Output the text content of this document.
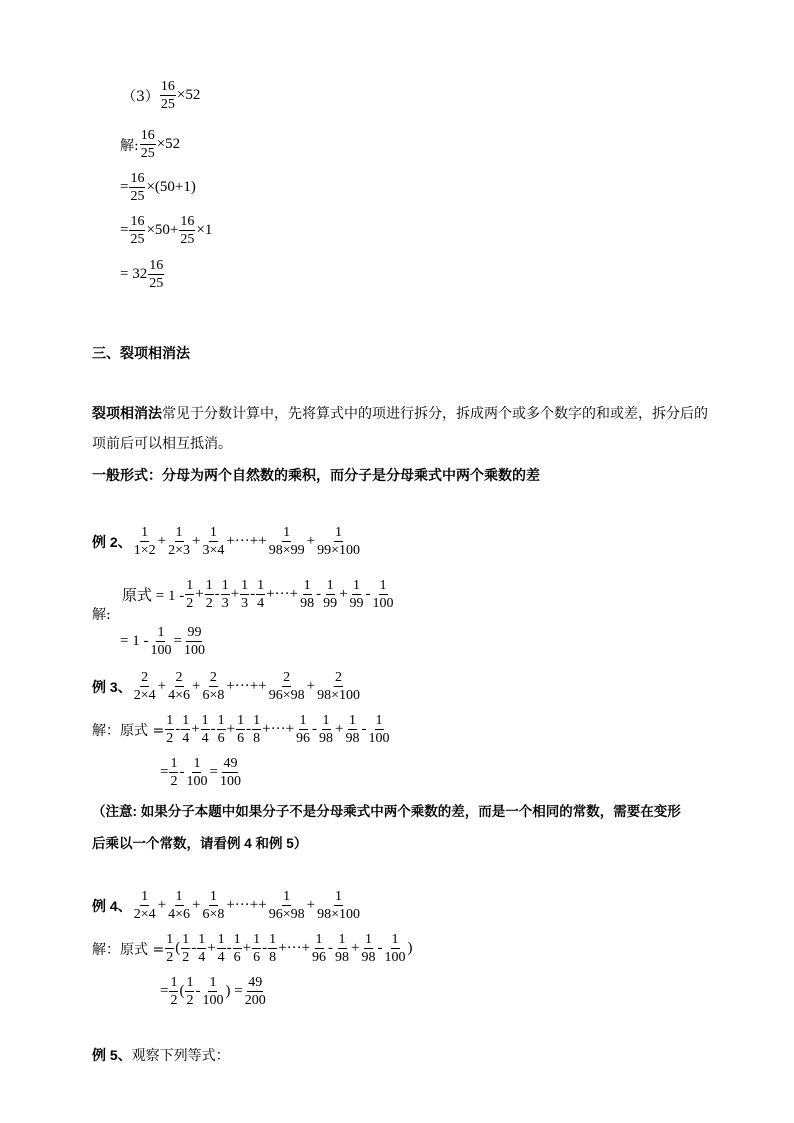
$(3) \frac{16}{25} \times 52$
解: $\frac{16}{25} \times 52$
= $\frac{16}{25} \times(50+1)$
= $\frac{16}{25} \times 50+ \frac{16}{25} \times 1$
= 32
16
25
三、裂项相消法
裂项相消法 常见于分数计算中，先将算式中的项进行拆分，拆成两个或多个数字的和或差，拆分后的
项前后可以相互抵消。
一般形式：分母为两个自然数的乘积，而分子是分母乘式中两个乘数的差
例 2、
1
1×2
+ $\frac{1}{2\times 3} + \frac{1}{3\times 4}$ +···++ $\frac{1}{98\times 99} + \frac{1}{99\times 100}$
原式 = 1 -
1
2
+ $\frac{1}{2}$ -
1
3
+ $\frac{1}{3}$ -
1
4
+···+ $\frac{1}{98}$ -
1
99
+ $\frac{1}{99}$ -
1
100
解:
= $1 - \frac{1}{100} = \frac{99}{100}$
例 3、
2
2×4
+ $\frac{2}{4\times 6} + \frac{2}{6\times 8}$ +···++ $\frac{2}{96\times 98} + \frac{2}{98\times 100}$
解：原式 =
1
2
-
1
4
+ $\frac{1}{4}$ -
1
6
+ $\frac{1}{6}$ -
1
8
+···+ $\frac{1}{96}$ -
1
98
+ $\frac{1}{98}$ -
1
100
= $\frac{1}{2} - \frac{1}{100} = \frac{49}{100}$
（注意: 如果分子本题中如果分子不是分母乘式中两个乘数的差，而是一个相同的常数，需要在变形
后乘以一个常数，请看例 4 和例 5）
例 4、
1
2×4
+ $\frac{1}{4\times 6} + \frac{1}{6\times 8}$ +···++ $\frac{1}{96\times 98} + \frac{1}{98\times 100}$
解：原式 = $\frac{1}{2}$ (
1
2
-
1
4
+ $\frac{1}{4}$ -
1
6
+ $\frac{1}{6}$ -
1
8
+···+ $\frac{1}{96}$ -
1
98
+ $\frac{1}{98}$ -
1
100
)
= $\frac{1}{2}$ (
1
2
-
1
100
) = $\frac{49}{200}$
例 5、 观察下列等式：
